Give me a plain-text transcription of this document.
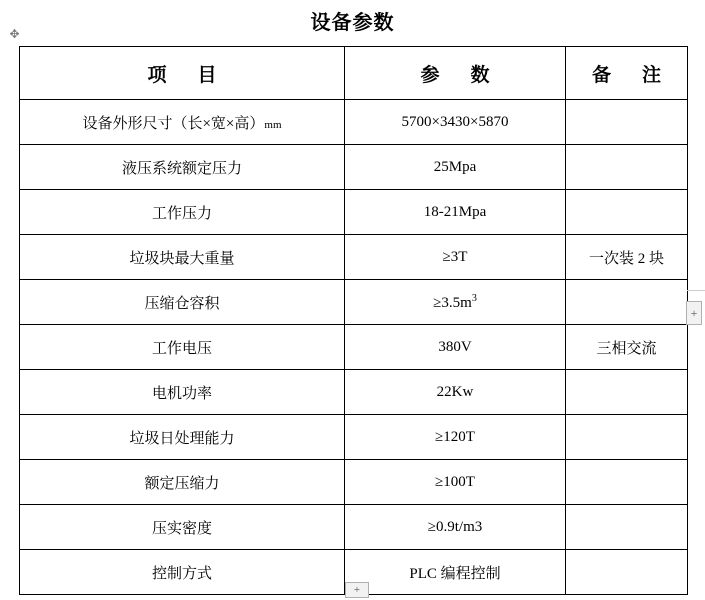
✥	设备参数
项　目	参　数	备　注
设备外形尺寸（长×宽×高）mm	5700×3430×5870	
液压系统额定压力	25Mpa	
工作压力	18-21Mpa	
垃圾块最大重量	≥3T	一次装 2 块
压缩仓容积	$\ge 3.5m^3$	
工作电压	380V	三相交流
电机功率	22Kw	
垃圾日处理能力	≥120T	
额定压缩力	≥100T	
压实密度	≥0.9t/m3	
控制方式	PLC 编程控制	
+
+
